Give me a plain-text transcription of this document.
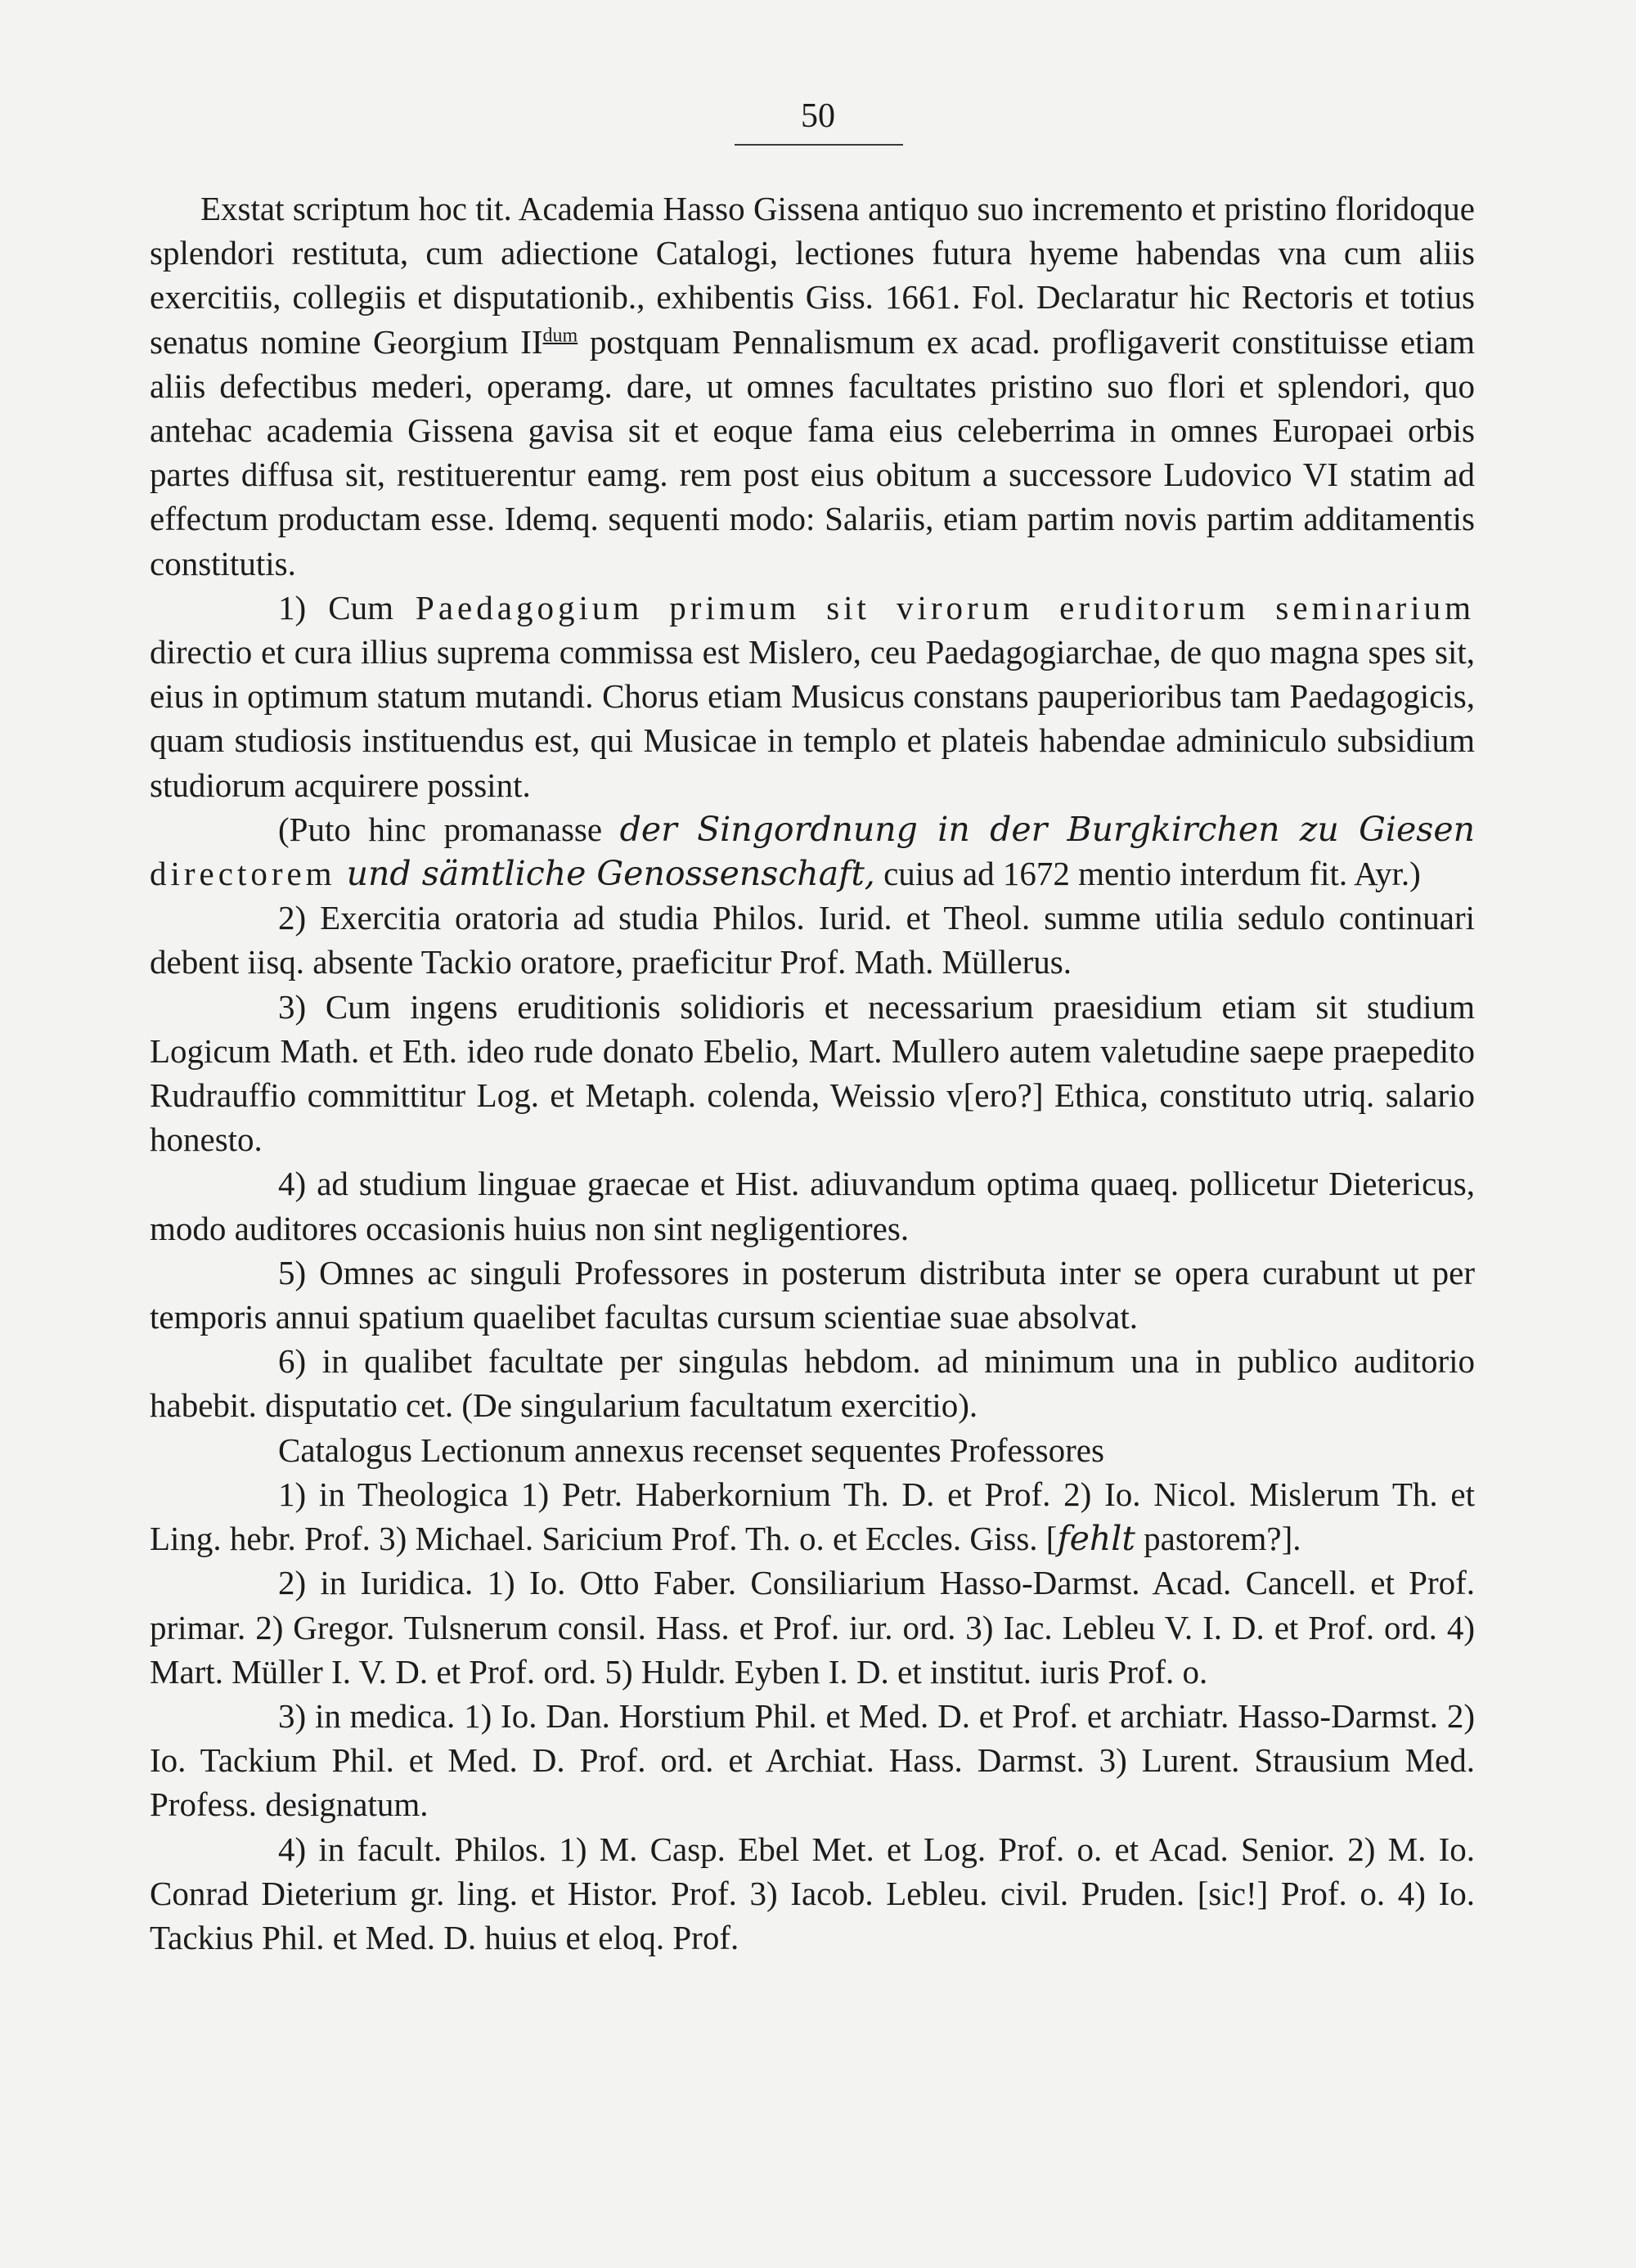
50

Exstat scriptum hoc tit. Academia Hasso Gissena antiquo suo incremento et pristino floridoque splendori restituta, cum adiectione Catalogi, lectiones futura hyeme habendas vna cum aliis exercitiis, collegiis et disputationib., exhibentis Giss. 1661. Fol. Declaratur hic Rectoris et totius senatus nomine Georgium $II^{dum}$ postquam Pennalismum ex acad. profligaverit constituisse etiam aliis defectibus mederi, operamg. dare, ut omnes facultates pristino suo flori et splendori, quo antehac academia Gissena gavisa sit et eoque fama eius celeberrima in omnes Europaei orbis partes diffusa sit, restituerentur eamg. rem post eius obitum a successore Ludovico VI statim ad effectum productam esse. Idemq. sequenti modo: Salariis, etiam partim novis partim additamentis constitutis.

1) Cum Paedagogium primum sit virorum eruditorum seminarium directio et cura illius suprema commissa est Mislero, ceu Paedagogiarchae, de quo magna spes sit, eius in optimum statum mutandi. Chorus etiam Musicus constans pauperioribus tam Paedagogicis, quam studiosis instituendus est, qui Musicae in templo et plateis habendae adminiculo subsidium studiorum acquirere possint.

(Puto hinc promanasse der Singordnung in der Burgkirchen zu Giesen directorem und sämtliche Genossenschaft, cuius ad 1672 mentio interdum fit. Ayr.)

2) Exercitia oratoria ad studia Philos. Iurid. et Theol. summe utilia sedulo continuari debent iisq. absente Tackio oratore, praeficitur Prof. Math. Müllerus.

3) Cum ingens eruditionis solidioris et necessarium praesidium etiam sit studium Logicum Math. et Eth. ideo rude donato Ebelio, Mart. Mullero autem valetudine saepe praepedito Rudrauffio committitur Log. et Metaph. colenda, Weissio v[ero?] Ethica, constituto utriq. salario honesto.

4) ad studium linguae graecae et Hist. adiuvandum optima quaeq. pollicetur Dietericus, modo auditores occasionis huius non sint negligentiores.

5) Omnes ac singuli Professores in posterum distributa inter se opera curabunt ut per temporis annui spatium quaelibet facultas cursum scientiae suae absolvat.

6) in qualibet facultate per singulas hebdom. ad minimum una in publico auditorio habebit. disputatio cet. (De singularium facultatum exercitio).

Catalogus Lectionum annexus recenset sequentes Professores

1) in Theologica 1) Petr. Haberkornium Th. D. et Prof. 2) Io. Nicol. Mislerum Th. et Ling. hebr. Prof. 3) Michael. Saricium Prof. Th. o. et Eccles. Giss. [fehlt pastorem?].

2) in Iuridica. 1) Io. Otto Faber. Consiliarium Hasso-Darmst. Acad. Cancell. et Prof. primar. 2) Gregor. Tulsnerum consil. Hass. et Prof. iur. ord. 3) Iac. Lebleu V. I. D. et Prof. ord. 4) Mart. Müller I. V. D. et Prof. ord. 5) Huldr. Eyben I. D. et institut. iuris Prof. o.

3) in medica. 1) Io. Dan. Horstium Phil. et Med. D. et Prof. et archiatr. Hasso-Darmst. 2) Io. Tackium Phil. et Med. D. Prof. ord. et Archiat. Hass. Darmst. 3) Lurent. Strausium Med. Profess. designatum.

4) in facult. Philos. 1) M. Casp. Ebel Met. et Log. Prof. o. et Acad. Senior. 2) M. Io. Conrad Dieterium gr. ling. et Histor. Prof. 3) Iacob. Lebleu. civil. Pruden. [sic!] Prof. o. 4) Io. Tackius Phil. et Med. D. huius et eloq. Prof.
